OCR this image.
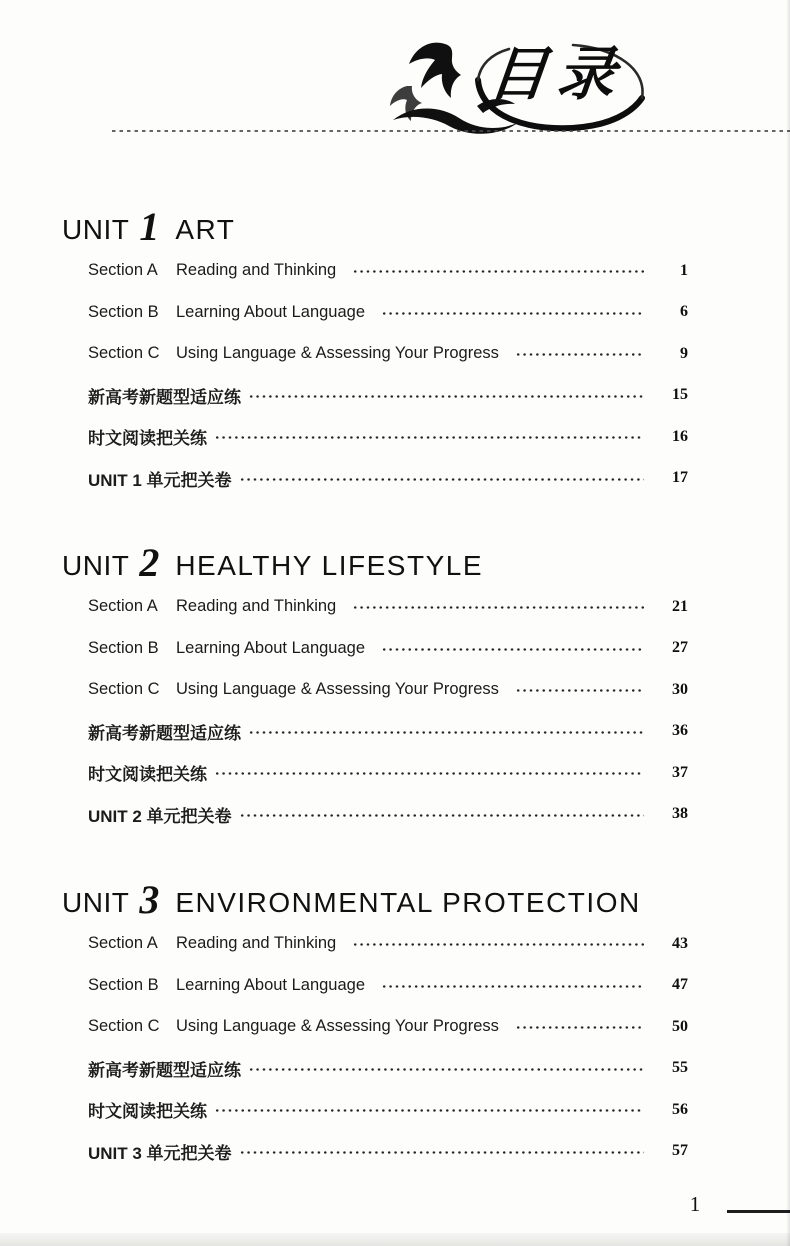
目录
UNIT 1 ART
Section A	Reading and Thinking	1
Section B	Learning About Language	6
Section C Using Language & Assessing Your Progress	9
新高考新题型适应练	15
时文阅读把关练	16
UNIT 1 单元把关卷	17
UNIT 2 HEALTHY LIFESTYLE
Section A	Reading and Thinking	21
Section B	Learning About Language	27
Section C Using Language & Assessing Your Progress	30
新高考新题型适应练	36
时文阅读把关练	37
UNIT 2 单元把关卷	38
UNIT 3 ENVIRONMENTAL PROTECTION
Section A	Reading and Thinking	43
Section B	Learning About Language	47
Section C Using Language & Assessing Your Progress	50
新高考新题型适应练	55
时文阅读把关练	56
UNIT 3 单元把关卷	57
1
